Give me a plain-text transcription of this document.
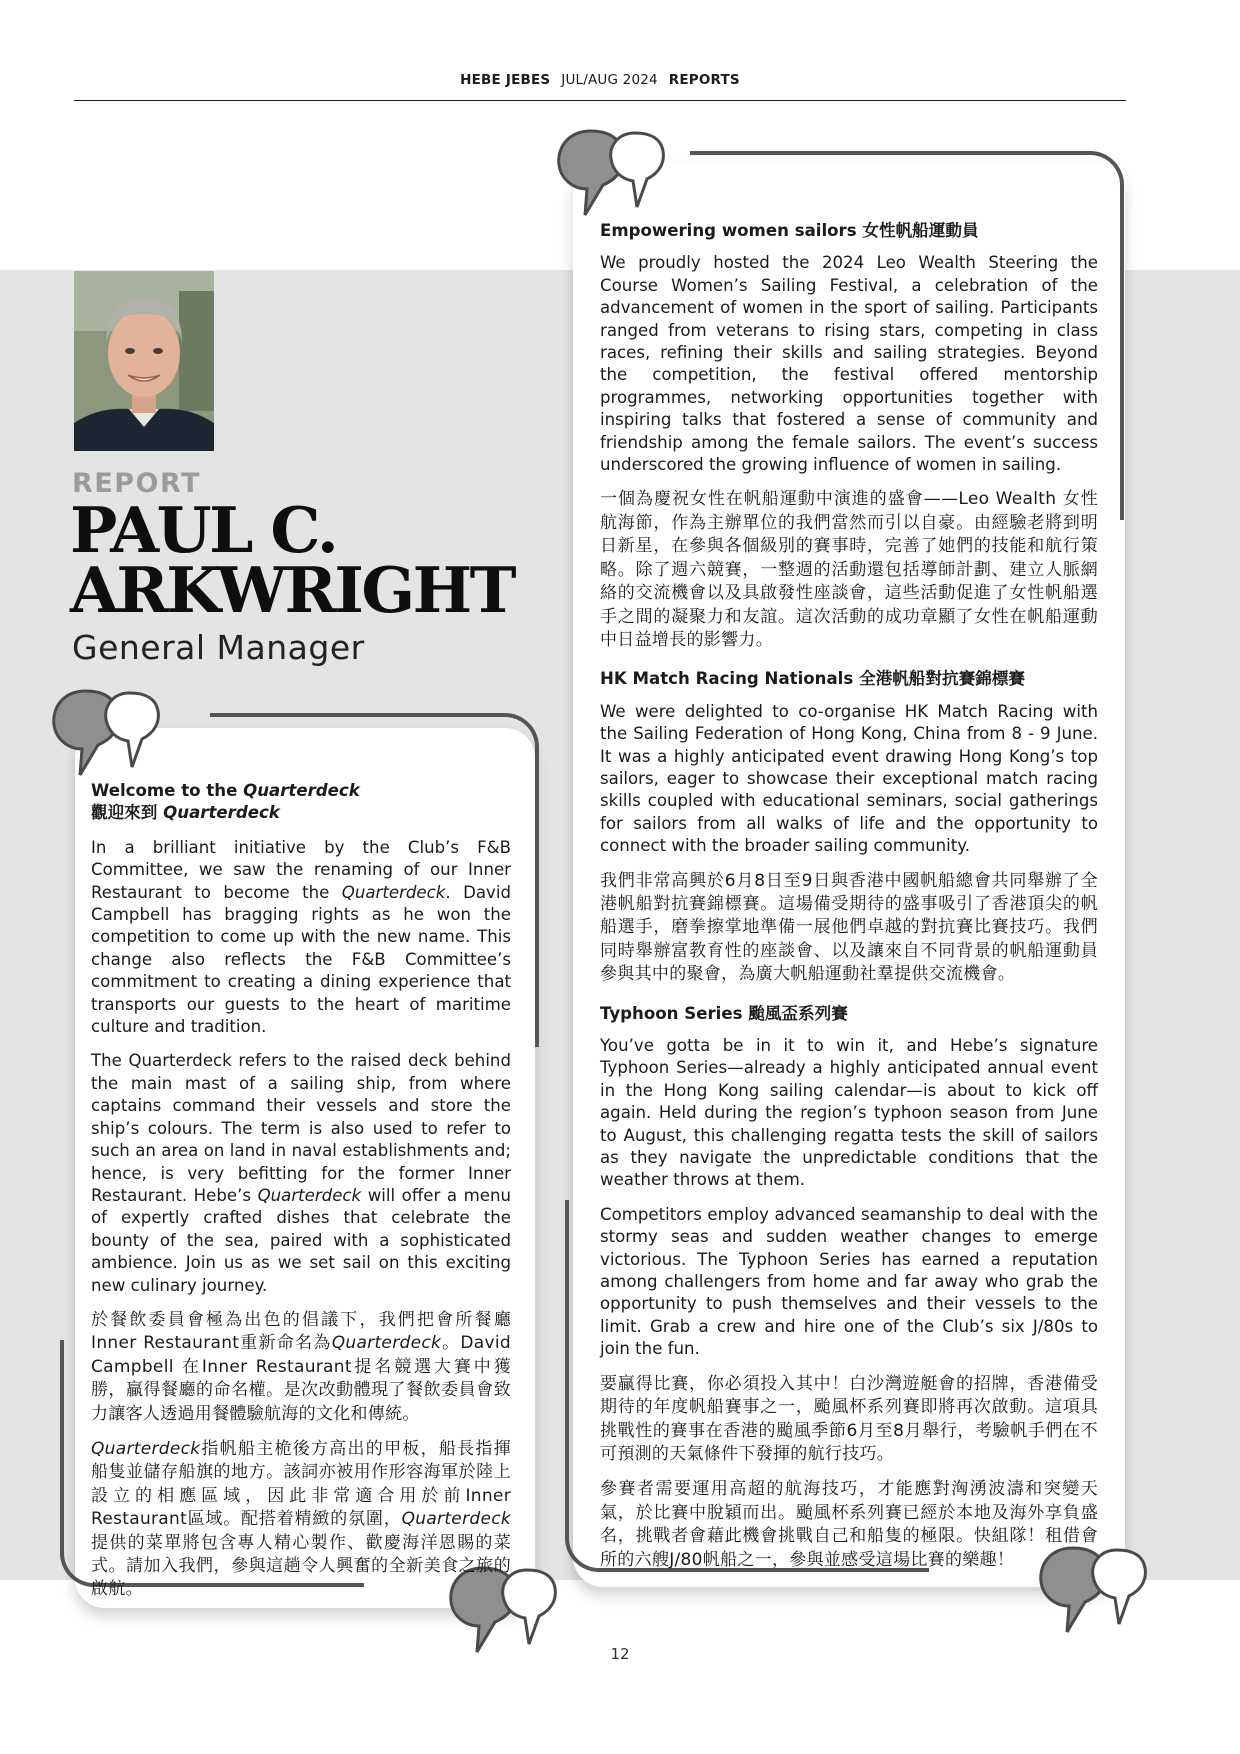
HEBE JEBES JUL/AUG 2024 REPORTS
REPORT
PAUL C.
ARKWRIGHT
General Manager
Welcome to the Quarterdeck
觀迎來到 Quarterdeck

In a brilliant initiative by the Club’s F&B Committee, we saw the renaming of our Inner Restaurant to become the Quarterdeck. David Campbell has bragging rights as he won the competition to come up with the new name. This change also reflects the F&B Committee’s commitment to creating a dining experience that transports our guests to the heart of maritime culture and tradition.

The Quarterdeck refers to the raised deck behind the main mast of a sailing ship, from where captains command their vessels and store the ship’s colours. The term is also used to refer to such an area on land in naval establishments and; hence, is very befitting for the former Inner Restaurant. Hebe’s Quarterdeck will offer a menu of expertly crafted dishes that celebrate the bounty of the sea, paired with a sophisticated ambience. Join us as we set sail on this exciting new culinary journey.

於餐飲委員會極為出色的倡議下，我們把會所餐廳Inner Restaurant重新命名為Quarterdeck。David Campbell 在Inner Restaurant提名競選大賽中獲勝，贏得餐廳的命名權。是次改動體現了餐飲委員會致力讓客人透過用餐體驗航海的文化和傳統。

Quarterdeck指帆船主桅後方高出的甲板，船長指揮船隻並儲存船旗的地方。該詞亦被用作形容海軍於陸上設立的相應區域，因此非常適合用於前Inner Restaurant區域。配搭着精緻的氛圍，Quarterdeck提供的菜單將包含專人精心製作、歡慶海洋恩賜的菜式。請加入我們，參與這趟令人興奮的全新美食之旅的啟航。

Empowering women sailors 女性帆船運動員

We proudly hosted the 2024 Leo Wealth Steering the Course Women’s Sailing Festival, a celebration of the advancement of women in the sport of sailing. Participants ranged from veterans to rising stars, competing in class races, refining their skills and sailing strategies. Beyond the competition, the festival offered mentorship programmes, networking opportunities together with inspiring talks that fostered a sense of community and friendship among the female sailors. The event’s success underscored the growing influence of women in sailing.

一個為慶祝女性在帆船運動中演進的盛會——Leo Wealth 女性航海節，作為主辦單位的我們當然而引以自豪。由經驗老將到明日新星，在參與各個級別的賽事時，完善了她們的技能和航行策略。除了週六競賽，一整週的活動還包括導師計劃、建立人脈網絡的交流機會以及具啟發性座談會，這些活動促進了女性帆船選手之間的凝聚力和友誼。這次活動的成功章顯了女性在帆船運動中日益增長的影響力。

HK Match Racing Nationals 全港帆船對抗賽錦標賽

We were delighted to co-organise HK Match Racing with the Sailing Federation of Hong Kong, China from 8 - 9 June. It was a highly anticipated event drawing Hong Kong’s top sailors, eager to showcase their exceptional match racing skills coupled with educational seminars, social gatherings for sailors from all walks of life and the opportunity to connect with the broader sailing community.

我們非常高興於6月8日至9日與香港中國帆船總會共同舉辦了全港帆船對抗賽錦標賽。這場備受期待的盛事吸引了香港頂尖的帆船選手，磨拳擦掌地準備一展他們卓越的對抗賽比賽技巧。我們同時舉辦富教育性的座談會、以及讓來自不同背景的帆船運動員參與其中的聚會，為廣大帆船運動社羣提供交流機會。

Typhoon Series 颱風盃系列賽

You’ve gotta be in it to win it, and Hebe’s signature Typhoon Series—already a highly anticipated annual event in the Hong Kong sailing calendar—is about to kick off again. Held during the region’s typhoon season from June to August, this challenging regatta tests the skill of sailors as they navigate the unpredictable conditions that the weather throws at them.

Competitors employ advanced seamanship to deal with the stormy seas and sudden weather changes to emerge victorious. The Typhoon Series has earned a reputation among challengers from home and far away who grab the opportunity to push themselves and their vessels to the limit. Grab a crew and hire one of the Club’s six J/80s to join the fun.

要贏得比賽，你必須投入其中！白沙灣遊艇會的招牌，香港備受期待的年度帆船賽事之一，颱風杯系列賽即將再次啟動。這項具挑戰性的賽事在香港的颱風季節6月至8月舉行，考驗帆手們在不可預測的天氣條件下發揮的航行技巧。

參賽者需要運用高超的航海技巧，才能應對洶湧波濤和突變天氣，於比賽中脫穎而出。颱風杯系列賽已經於本地及海外享負盛名，挑戰者會藉此機會挑戰自己和船隻的極限。快組隊！租借會所的六艘J/80帆船之一，參與並感受這場比賽的樂趣！

12
